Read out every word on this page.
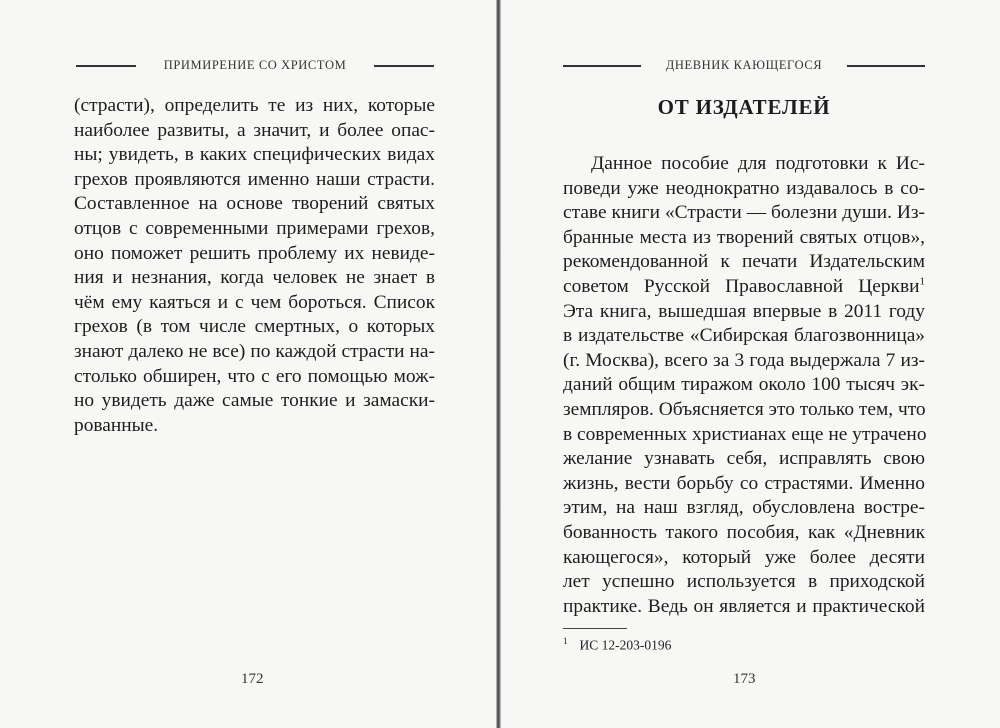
ПРИМИРЕНИЕ СО ХРИСТОМ
(страсти), определить те из них, которые
наиболее развиты, а значит, и более опас-
ны; увидеть, в каких специфических видах
грехов проявляются именно наши страсти.
Составленное на основе творений святых
отцов с современными примерами грехов,
оно поможет решить проблему их невиде-
ния и незнания, когда человек не знает в
чём ему каяться и с чем бороться. Список
грехов (в том числе смертных, о которых
знают далеко не все) по каждой страсти на-
столько обширен, что с его помощью мож-
но увидеть даже самые тонкие и замаски-
рованные.
172
ДНЕВНИК КАЮЩЕГОСЯ
ОТ ИЗДАТЕЛЕЙ
Данное пособие для подготовки к Ис-
поведи уже неоднократно издавалось в со-
ставе книги «Страсти — болезни души. Из-
бранные места из творений святых отцов»,
рекомендованной к печати Издательским
советом Русской Православной Церкви$^1$
Эта книга, вышедшая впервые в 2011 году
в издательстве «Сибирская благозвонница»
(г. Москва), всего за 3 года выдержала 7 из-
даний общим тиражом около 100 тысяч эк-
земпляров. Объясняется это только тем, что
в современных христианах еще не утрачено
желание узнавать себя, исправлять свою
жизнь, вести борьбу со страстями. Именно
этим, на наш взгляд, обусловлена востре-
бованность такого пособия, как «Дневник
кающегося», который уже более десяти
лет успешно используется в приходской
практике. Ведь он является и практической
$^1$ ИС 12-203-0196
173
